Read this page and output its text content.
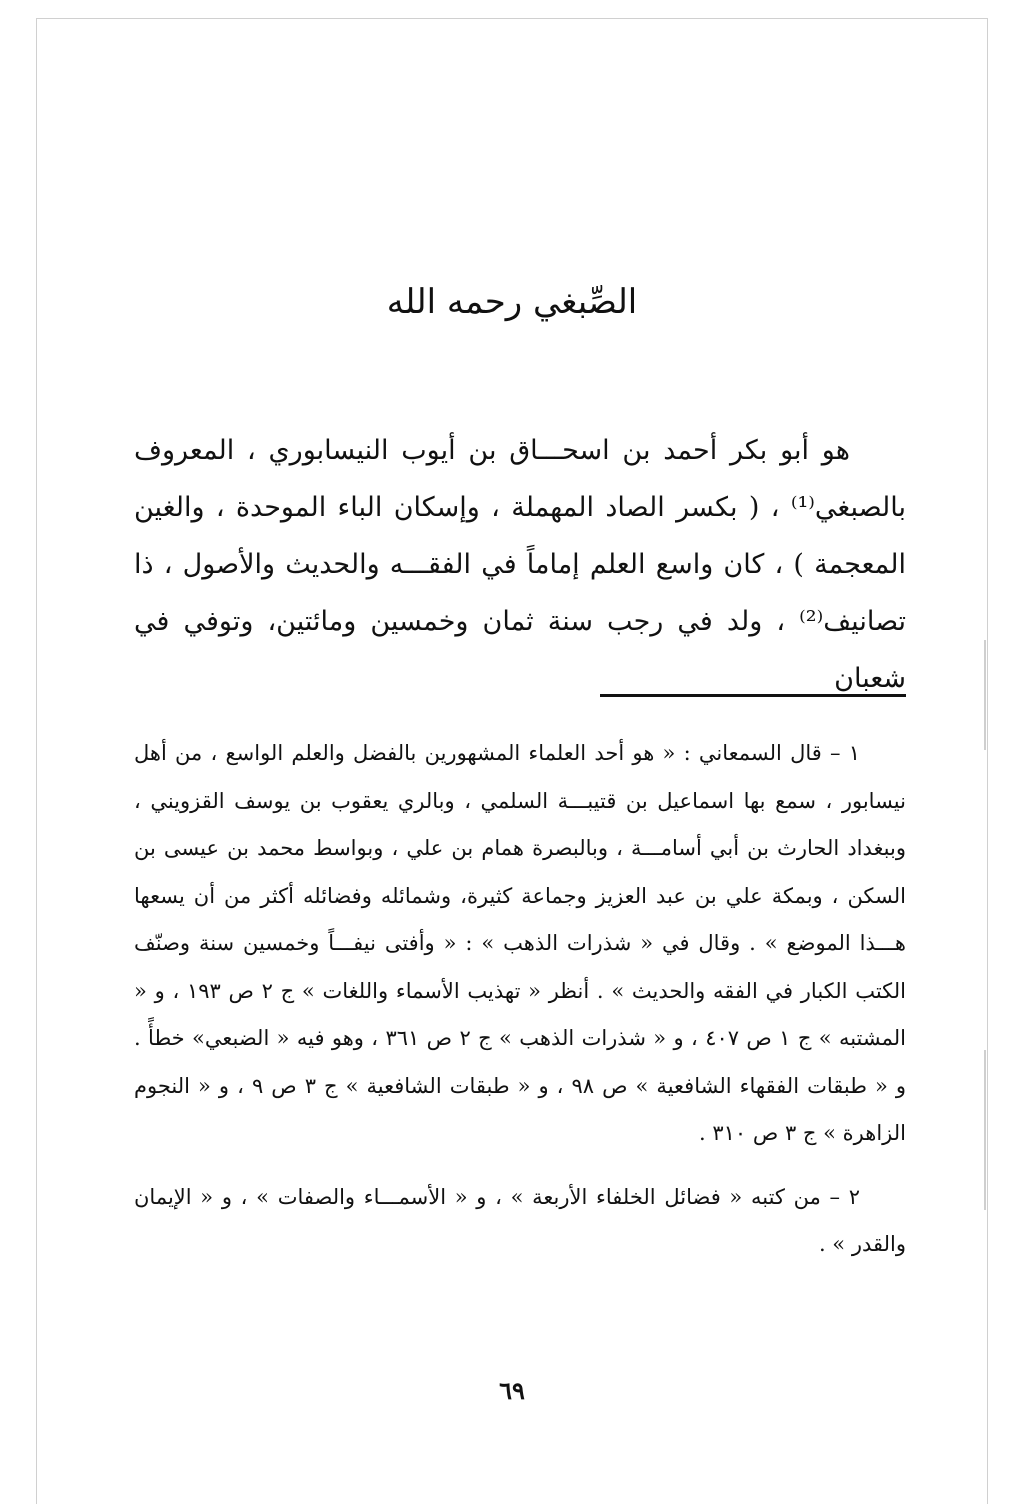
الصِّبغي رحمه الله

هو أبو بكر أحمد بن اسحـــاق بن أيوب النيسابوري ، المعروف بالصبغي⁽¹⁾ ، ( بكسر الصاد المهملة ، وإسكان الباء الموحدة ، والغين المعجمة ) ، كان واسع العلم إماماً في الفقـــه والحديث والأصول ، ذا تصانيف⁽²⁾ ، ولد في رجب سنة ثمان وخمسين ومائتين، وتوفي في شعبان

١ – قال السمعاني : « هو أحد العلماء المشهورين بالفضل والعلم الواسع ، من أهل نيسابور ، سمع بها اسماعيل بن قتيبـــة السلمي ، وبالري يعقوب بن يوسف القزويني ، وببغداد الحارث بن أبي أسامـــة ، وبالبصرة همام بن علي ، وبواسط محمد بن عيسى بن السكن ، وبمكة علي بن عبد العزيز وجماعة كثيرة، وشمائله وفضائله أكثر من أن يسعها هـــذا الموضع » . وقال في « شذرات الذهب » : « وأفتى نيفـــاً وخمسين سنة وصنّف الكتب الكبار في الفقه والحديث » . أنظر « تهذيب الأسماء واللغات » ج ٢ ص ١٩٣ ، و « المشتبه » ج ١ ص ٤٠٧ ، و « شذرات الذهب » ج ٢ ص ٣٦١ ، وهو فيه « الضبعي» خطأً . و « طبقات الفقهاء الشافعية » ص ٩٨ ، و « طبقات الشافعية » ج ٣ ص ٩ ، و « النجوم الزاهرة » ج ٣ ص ٣١٠ .

٢ – من كتبه « فضائل الخلفاء الأربعة » ، و « الأسمـــاء والصفات » ، و « الإيمان والقدر » .

٦٩
